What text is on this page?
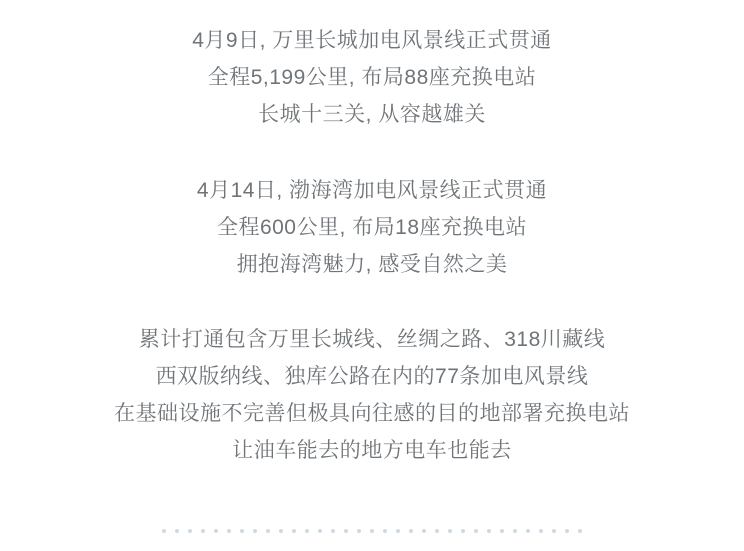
4月9日, 万里长城加电风景线正式贯通
全程5,199公里, 布局88座充换电站
长城十三关, 从容越雄关
4月14日, 渤海湾加电风景线正式贯通
全程600公里, 布局18座充换电站
拥抱海湾魅力, 感受自然之美
累计打通包含万里长城线、丝绸之路、318川藏线
西双版纳线、独库公路在内的77条加电风景线
在基础设施不完善但极具向往感的目的地部署充换电站
让油车能去的地方电车也能去
